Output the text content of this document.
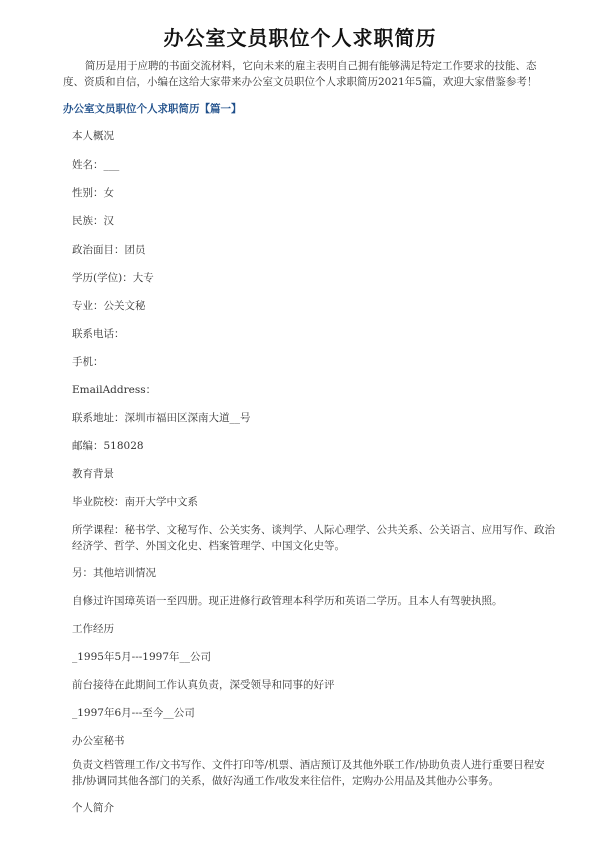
办公室文员职位个人求职简历
简历是用于应聘的书面交流材料，它向未来的雇主表明自己拥有能够满足特定工作要求的技能、态度、资质和自信，小编在这给大家带来办公室文员职位个人求职简历2021年5篇，欢迎大家借鉴参考！
办公室文员职位个人求职简历【篇一】
本人概况
姓名：___
性别：女
民族：汉
政治面目：团员
学历(学位)：大专
专业：公关文秘
联系电话：
手机：
EmailAddress：
联系地址：深圳市福田区深南大道__号
邮编：518028
教育背景
毕业院校：南开大学中文系
所学课程：秘书学、文秘写作、公关实务、谈判学、人际心理学、公共关系、公关语言、应用写作、政治经济学、哲学、外国文化史、档案管理学、中国文化史等。
另：其他培训情况
自修过许国璋英语一至四册。现正进修行政管理本科学历和英语二学历。且本人有驾驶执照。
工作经历
_1995年5月---1997年__公司
前台接待在此期间工作认真负责，深受领导和同事的好评
_1997年6月---至今__公司
办公室秘书
负责文档管理工作/文书写作、文件打印等/机票、酒店预订及其他外联工作/协助负责人进行重要日程安排/协调同其他各部门的关系，做好沟通工作/收发来往信件，定购办公用品及其他办公事务。
个人简介
